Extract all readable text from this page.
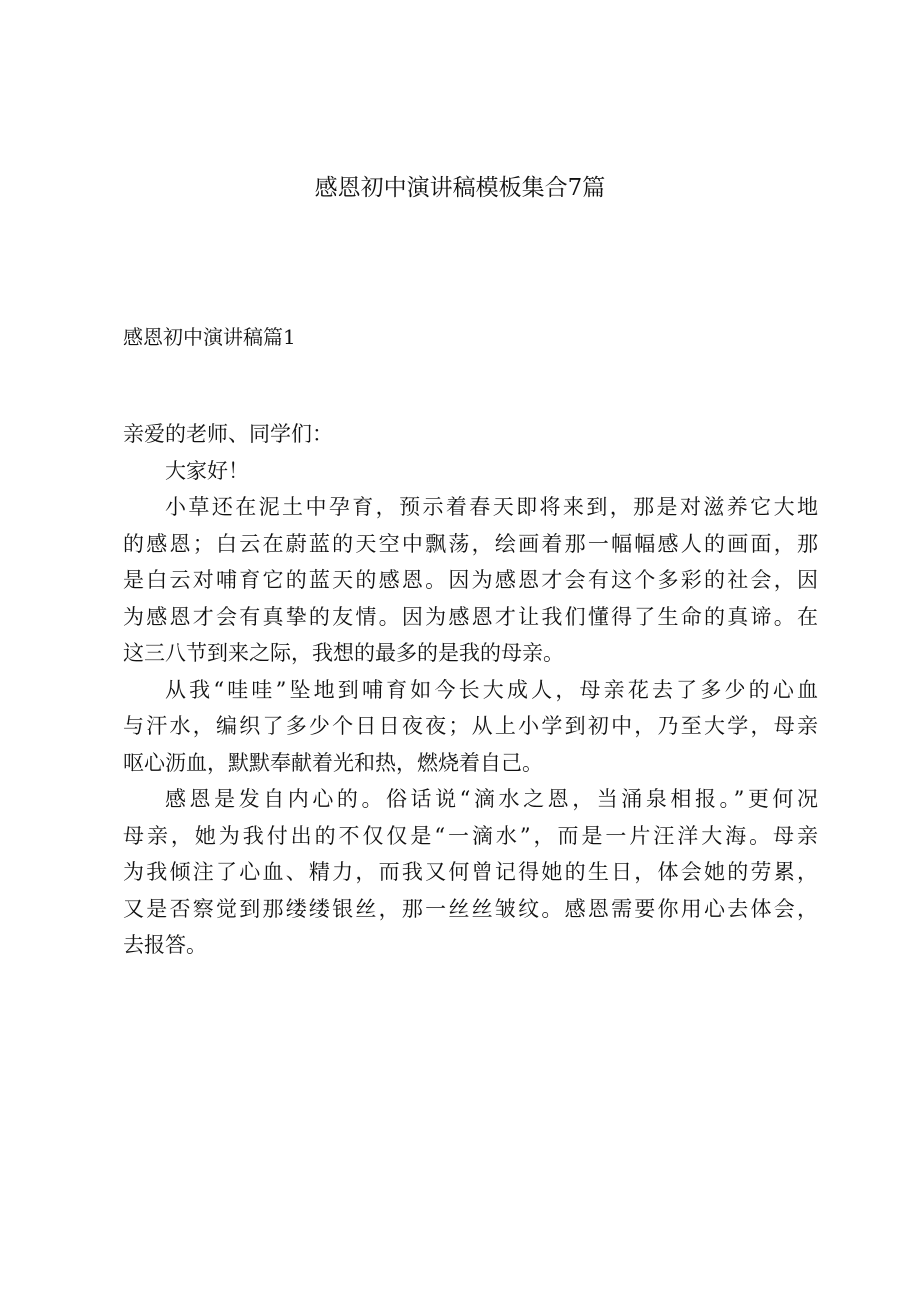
感恩初中演讲稿模板集合7篇
感恩初中演讲稿篇1

亲爱的老师、同学们：

大家好！

小草还在泥土中孕育，预示着春天即将来到，那是对滋养它大地
的感恩；白云在蔚蓝的天空中飘荡，绘画着那一幅幅感人的画面，那
是白云对哺育它的蓝天的感恩。因为感恩才会有这个多彩的社会，因
为感恩才会有真挚的友情。因为感恩才让我们懂得了生命的真谛。在
这三八节到来之际，我想的最多的是我的母亲。

从我“哇哇”坠地到哺育如今长大成人，母亲花去了多少的心血
与汗水，编织了多少个日日夜夜；从上小学到初中，乃至大学，母亲
呕心沥血，默默奉献着光和热，燃烧着自己。

感恩是发自内心的。俗话说“滴水之恩，当涌泉相报。”更何况
母亲，她为我付出的不仅仅是“一滴水”，而是一片汪洋大海。母亲
为我倾注了心血、精力，而我又何曾记得她的生日，体会她的劳累，
又是否察觉到那缕缕银丝，那一丝丝皱纹。感恩需要你用心去体会，
去报答。
